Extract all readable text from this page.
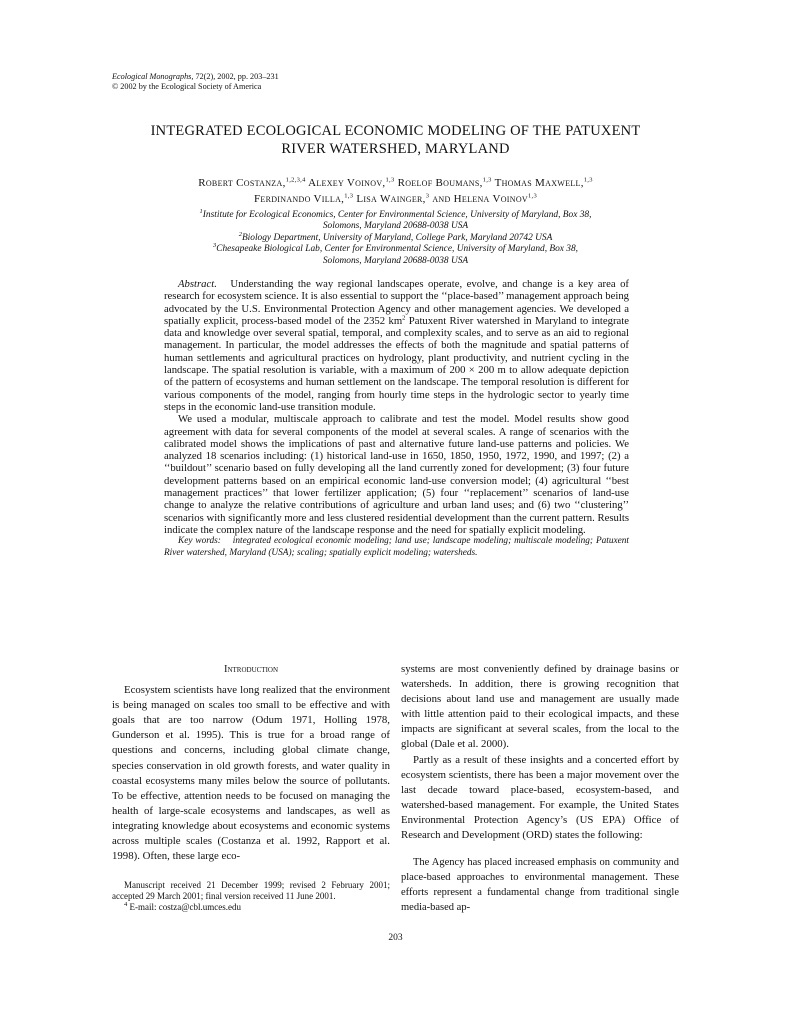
Ecological Monographs, 72(2), 2002, pp. 203–231
© 2002 by the Ecological Society of America
INTEGRATED ECOLOGICAL ECONOMIC MODELING OF THE PATUXENT
RIVER WATERSHED, MARYLAND
Robert Costanza,$^{1,2,3,4}$ Alexey Voinov,$^{1,3}$ Roelof Boumans,$^{1,3}$ Thomas Maxwell,$^{1,3}$
Ferdinando Villa,$^{1,3}$ Lisa Wainger,$^3$ and Helena Voinov$^{1,3}$
$^1$Institute for Ecological Economics, Center for Environmental Science, University of Maryland, Box 38,
Solomons, Maryland 20688-0038 USA
$^2$Biology Department, University of Maryland, College Park, Maryland 20742 USA
$^3$Chesapeake Biological Lab, Center for Environmental Science, University of Maryland, Box 38,
Solomons, Maryland 20688-0038 USA

Abstract. Understanding the way regional landscapes operate, evolve, and change is a key area of research for ecosystem science. It is also essential to support the ‘‘place-based’’ management approach being advocated by the U.S. Environmental Protection Agency and other management agencies. We developed a spatially explicit, process-based model of the 2352 $km^2$ Patuxent River watershed in Maryland to integrate data and knowledge over several spatial, temporal, and complexity scales, and to serve as an aid to regional management. In particular, the model addresses the effects of both the magnitude and spatial patterns of human settlements and agricultural practices on hydrology, plant productivity, and nutrient cycling in the landscape. The spatial resolution is variable, with a maximum of 200 × 200 m to allow adequate depiction of the pattern of ecosystems and human settlement on the landscape. The temporal resolution is different for various components of the model, ranging from hourly time steps in the hydrologic sector to yearly time steps in the economic land-use transition module.

We used a modular, multiscale approach to calibrate and test the model. Model results show good agreement with data for several components of the model at several scales. A range of scenarios with the calibrated model shows the implications of past and alternative future land-use patterns and policies. We analyzed 18 scenarios including: (1) historical land-use in 1650, 1850, 1950, 1972, 1990, and 1997; (2) a ‘‘buildout’’ scenario based on fully developing all the land currently zoned for development; (3) four future development patterns based on an empirical economic land-use conversion model; (4) agricultural ‘‘best management practices’’ that lower fertilizer application; (5) four ‘‘replacement’’ scenarios of land-use change to analyze the relative contributions of agriculture and urban land uses; and (6) two ‘‘clustering’’ scenarios with significantly more and less clustered residential development than the current pattern. Results indicate the complex nature of the landscape response and the need for spatially explicit modeling.

Key words: integrated ecological economic modeling; land use; landscape modeling; multiscale modeling; Patuxent River watershed, Maryland (USA); scaling; spatially explicit modeling; watersheds.

Introduction

Ecosystem scientists have long realized that the environment is being managed on scales too small to be effective and with goals that are too narrow (Odum 1971, Holling 1978, Gunderson et al. 1995). This is true for a broad range of questions and concerns, including global climate change, species conservation in old growth forests, and water quality in coastal ecosystems many miles below the source of pollutants. To be effective, attention needs to be focused on managing the health of large-scale ecosystems and landscapes, as well as integrating knowledge about ecosystems and economic systems across multiple scales (Costanza et al. 1992, Rapport et al. 1998). Often, these large eco-

systems are most conveniently defined by drainage basins or watersheds. In addition, there is growing recognition that decisions about land use and management are usually made with little attention paid to their ecological impacts, and these impacts are significant at several scales, from the local to the global (Dale et al. 2000).

Partly as a result of these insights and a concerted effort by ecosystem scientists, there has been a major movement over the last decade toward place-based, ecosystem-based, and watershed-based management. For example, the United States Environmental Protection Agency’s (US EPA) Office of Research and Development (ORD) states the following:

The Agency has placed increased emphasis on community and place-based approaches to environmental management. These efforts represent a fundamental change from traditional single media-based ap-

Manuscript received 21 December 1999; revised 2 February 2001; accepted 29 March 2001; final version received 11 June 2001.

$^4$ E-mail: costza@cbl.umces.edu

203
